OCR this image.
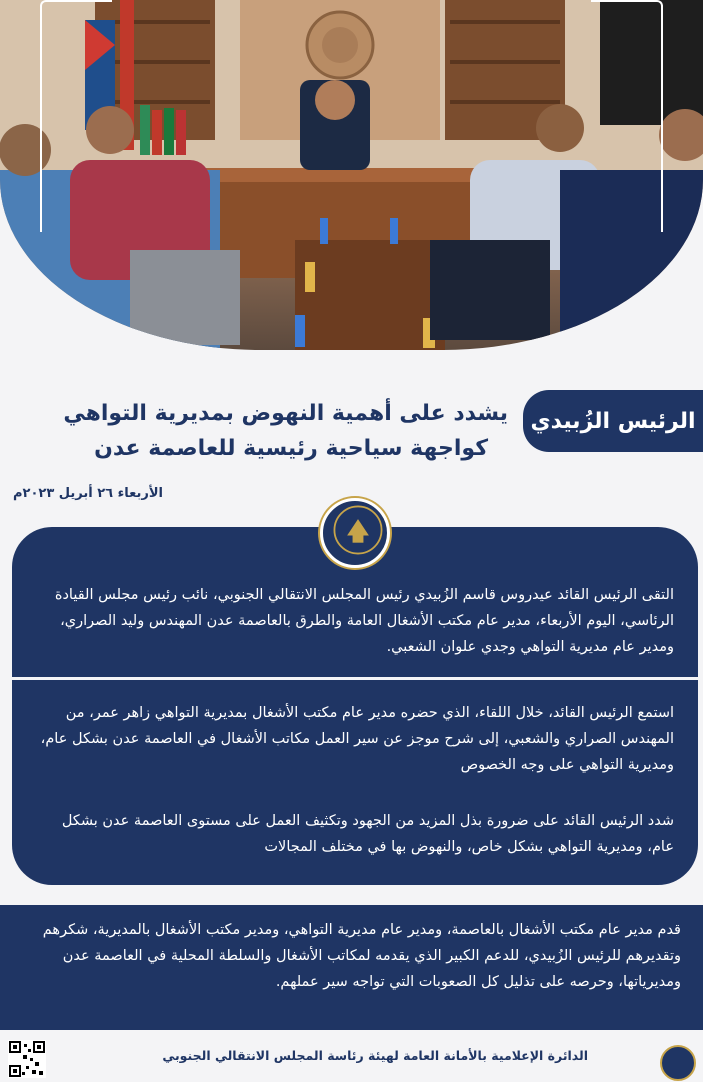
الرئيس الزُبيدي
يشدد على أهمية النهوض بمديرية التواهي
كواجهة سياحية رئيسية للعاصمة عدن
الأربعاء ٢٦ أبريل ٢٠٢٣م

التقى الرئيس القائد عيدروس قاسم الزُبيدي رئيس المجلس الانتقالي الجنوبي، نائب رئيس مجلس القيادة الرئاسي، اليوم الأربعاء، مدير عام مكتب الأشغال العامة والطرق بالعاصمة عدن المهندس وليد الصراري، ومدير عام مديرية التواهي وجدي علوان الشعبي.

استمع الرئيس القائد، خلال اللقاء، الذي حضره مدير عام مكتب الأشغال بمديرية التواهي زاهر عمر، من المهندس الصراري والشعبي، إلى شرح موجز عن سير العمل مكاتب الأشغال في العاصمة عدن بشكل عام، ومديرية التواهي على وجه الخصوص

شدد الرئيس القائد على ضرورة بذل المزيد من الجهود وتكثيف العمل على مستوى العاصمة عدن بشكل عام، ومديرية التواهي بشكل خاص، والنهوض بها في مختلف المجالات

قدم مدير عام مكتب الأشغال بالعاصمة، ومدير عام مديرية التواهي، ومدير مكتب الأشغال بالمديرية، شكرهم وتقديرهم للرئيس الزُبيدي، للدعم الكبير الذي يقدمه لمكاتب الأشغال والسلطة المحلية في العاصمة عدن ومديرياتها، وحرصه على تذليل كل الصعوبات التي تواجه سير عملهم.

الدائرة الإعلامية بالأمانة العامة لهيئة رئاسة المجلس الانتقالي الجنوبي
